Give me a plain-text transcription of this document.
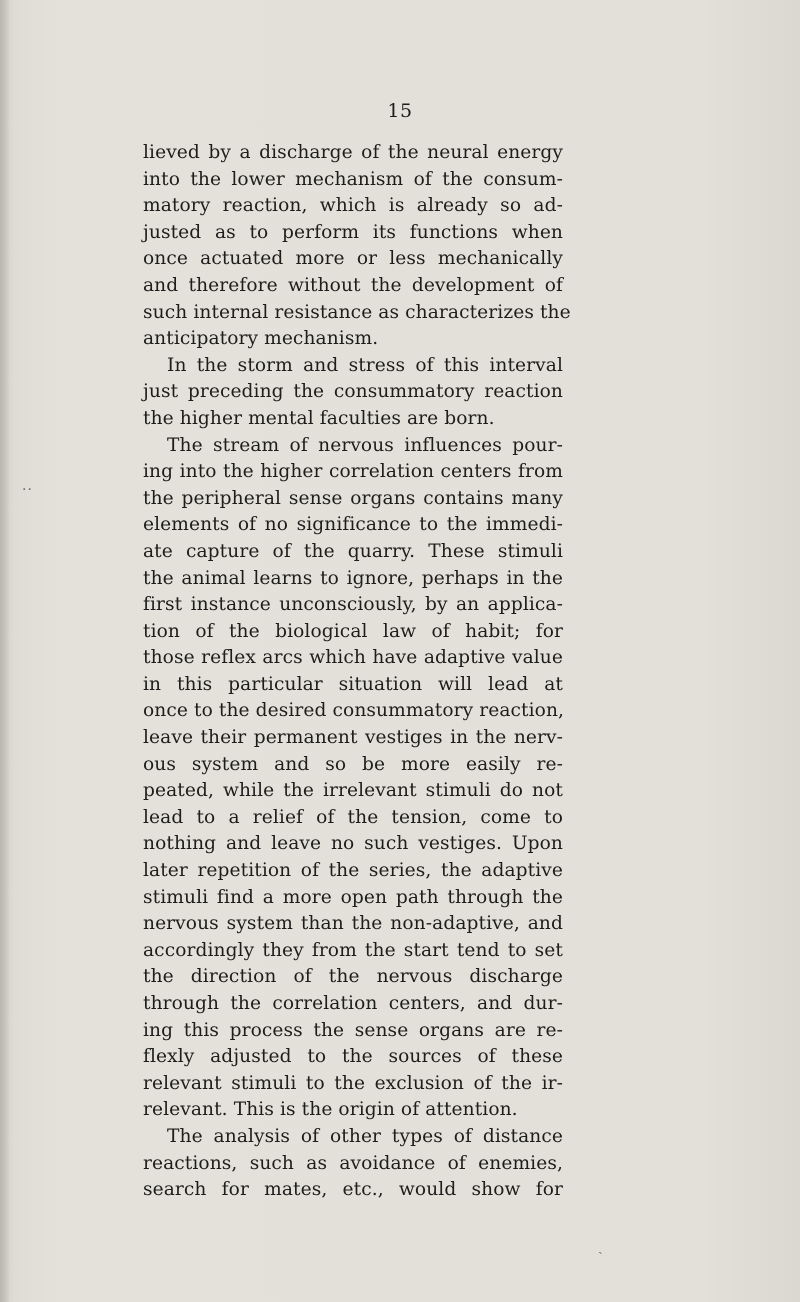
15
lieved by a discharge of the neural energy
into the lower mechanism of the consum-
matory reaction, which is already so ad-
justed as to perform its functions when
once actuated more or less mechanically
and therefore without the development of
such internal resistance as characterizes the
anticipatory mechanism.
In the storm and stress of this interval
just preceding the consummatory reaction
the higher mental faculties are born.
The stream of nervous influences pour-
ing into the higher correlation centers from
the peripheral sense organs contains many
elements of no significance to the immedi-
ate capture of the quarry. These stimuli
the animal learns to ignore, perhaps in the
first instance unconsciously, by an applica-
tion of the biological law of habit; for
those reflex arcs which have adaptive value
in this particular situation will lead at
once to the desired consummatory reaction,
leave their permanent vestiges in the nerv-
ous system and so be more easily re-
peated, while the irrelevant stimuli do not
lead to a relief of the tension, come to
nothing and leave no such vestiges. Upon
later repetition of the series, the adaptive
stimuli find a more open path through the
nervous system than the non-adaptive, and
accordingly they from the start tend to set
the direction of the nervous discharge
through the correlation centers, and dur-
ing this process the sense organs are re-
flexly adjusted to the sources of these
relevant stimuli to the exclusion of the ir-
relevant. This is the origin of attention.
The analysis of other types of distance
reactions, such as avoidance of enemies,
search for mates, etc., would show for
··
ˎ
